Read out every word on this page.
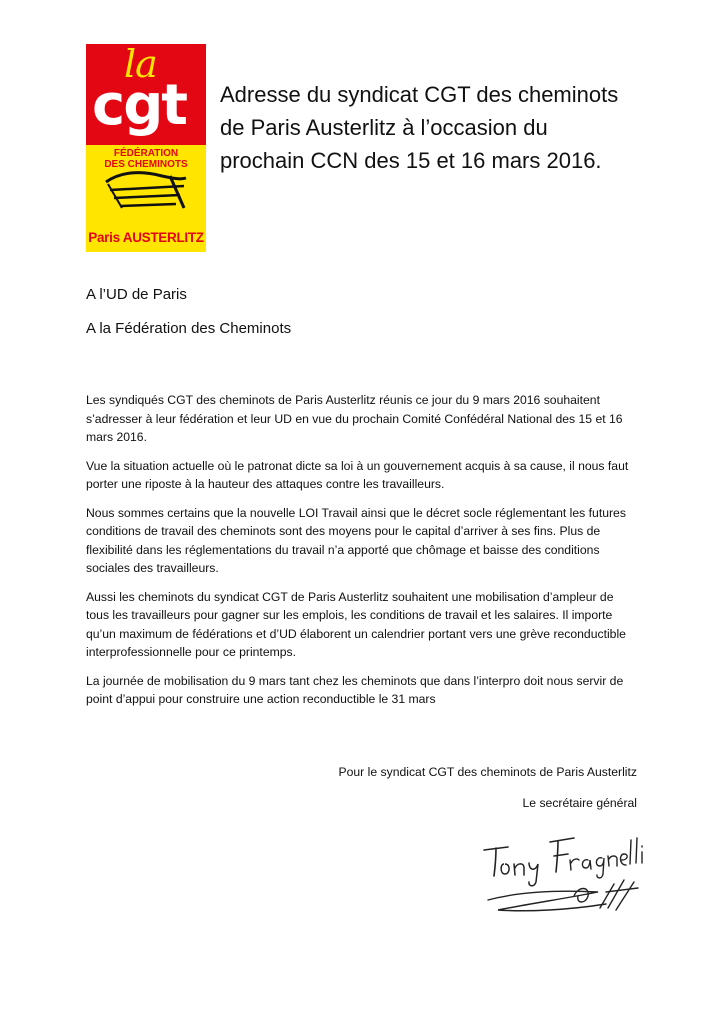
la
cgt
FÉDÉRATION
DES CHEMINOTS
Paris AUSTERLITZ
Adresse du syndicat CGT des cheminots
de Paris Austerlitz à l’occasion du
prochain CCN des 15 et 16 mars 2016.
A l’UD de Paris
A la Fédération des Cheminots

Les syndiqués CGT des cheminots de Paris Austerlitz réunis ce jour du 9 mars 2016 souhaitent
s’adresser à leur fédération et leur UD en vue du prochain Comité Confédéral National des 15 et 16
mars 2016.

Vue la situation actuelle où le patronat dicte sa loi à un gouvernement acquis à sa cause, il nous faut
porter une riposte à la hauteur des attaques contre les travailleurs.

Nous sommes certains que la nouvelle LOI Travail ainsi que le décret socle réglementant les futures
conditions de travail des cheminots sont des moyens pour le capital d’arriver à ses fins. Plus de
flexibilité dans les réglementations du travail n’a apporté que chômage et baisse des conditions
sociales des travailleurs.

Aussi les cheminots du syndicat CGT de Paris Austerlitz souhaitent une mobilisation d’ampleur de
tous les travailleurs pour gagner sur les emplois, les conditions de travail et les salaires. Il importe
qu’un maximum de fédérations et d’UD élaborent un calendrier portant vers une grève reconductible
interprofessionnelle pour ce printemps.

La journée de mobilisation du 9 mars tant chez les cheminots que dans l’interpro doit nous servir de
point d’appui pour construire une action reconductible le 31 mars

Pour le syndicat CGT des cheminots de Paris Austerlitz
Le secrétaire général
